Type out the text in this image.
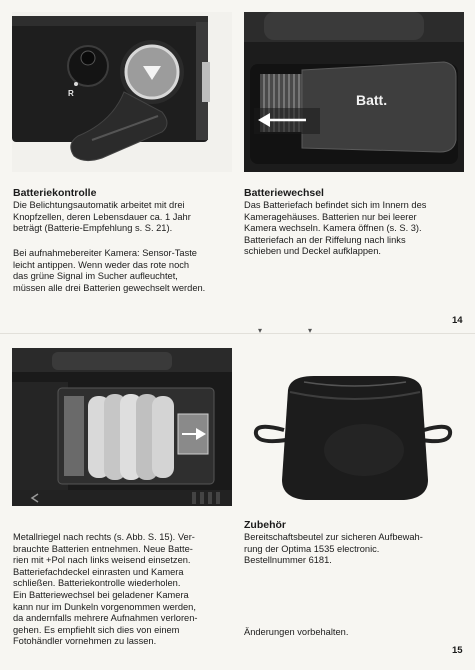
R	Batt.
Batteriekontrolle

Die Belichtungsautomatik arbeitet mit drei
Knopfzellen, deren Lebensdauer ca. 1 Jahr
beträgt (Batterie-Empfehlung s. S. 21).

Bei aufnahmebereiter Kamera: Sensor-Taste
leicht antippen. Wenn weder das rote noch
das grüne Signal im Sucher aufleuchtet,
müssen alle drei Batterien gewechselt werden.

Batteriewechsel

Das Batteriefach befindet sich im Innern des
Kameragehäuses. Batterien nur bei leerer
Kamera wechseln. Kamera öffnen (s. S. 3).
Batteriefach an der Riffelung nach links
schieben und Deckel aufklappen.

14
▾	▾

Metallriegel nach rechts (s. Abb. S. 15). Ver-
brauchte Batterien entnehmen. Neue Batte-
rien mit +Pol nach links weisend einsetzen.
Batteriefachdeckel einrasten und Kamera
schließen. Batteriekontrolle wiederholen.
Ein Batteriewechsel bei geladener Kamera
kann nur im Dunkeln vorgenommen werden,
da andernfalls mehrere Aufnahmen verloren-
gehen. Es empfiehlt sich dies von einem
Fotohändler vornehmen zu lassen.

Zubehör

Bereitschaftsbeutel zur sicheren Aufbewah-
rung der Optima 1535 electronic.
Bestellnummer 6181.

Änderungen vorbehalten.

15
